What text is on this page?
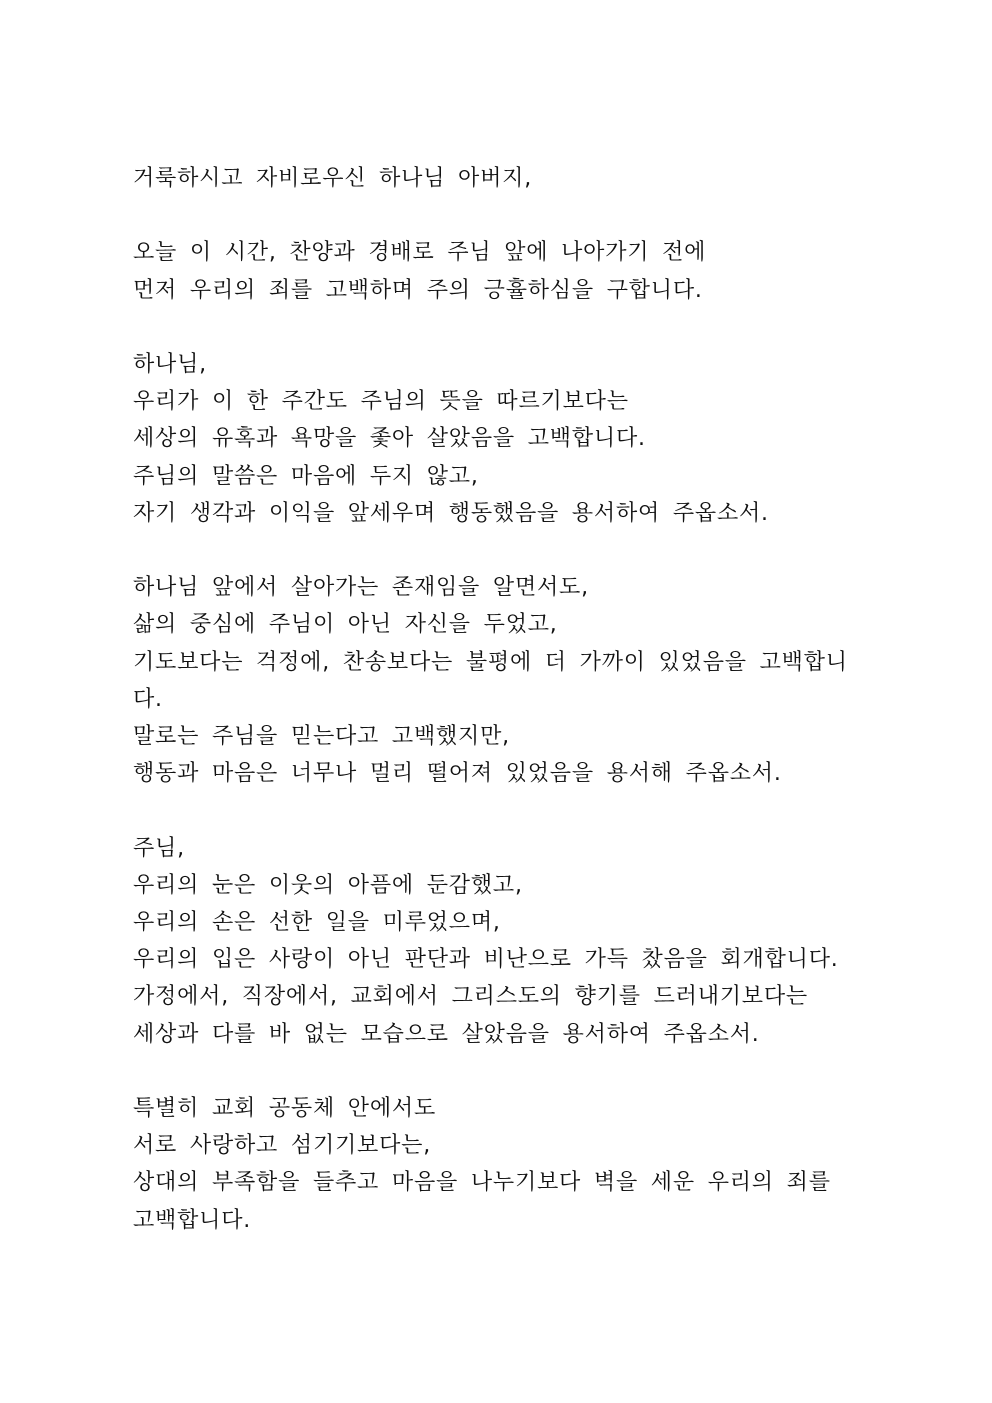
거룩하시고 자비로우신 하나님 아버지,
오늘 이 시간, 찬양과 경배로 주님 앞에 나아가기 전에
먼저 우리의 죄를 고백하며 주의 긍휼하심을 구합니다.
하나님,
우리가 이 한 주간도 주님의 뜻을 따르기보다는
세상의 유혹과 욕망을 좇아 살았음을 고백합니다.
주님의 말씀은 마음에 두지 않고,
자기 생각과 이익을 앞세우며 행동했음을 용서하여 주옵소서.
하나님 앞에서 살아가는 존재임을 알면서도,
삶의 중심에 주님이 아닌 자신을 두었고,
기도보다는 걱정에, 찬송보다는 불평에 더 가까이 있었음을 고백합니
다.
말로는 주님을 믿는다고 고백했지만,
행동과 마음은 너무나 멀리 떨어져 있었음을 용서해 주옵소서.
주님,
우리의 눈은 이웃의 아픔에 둔감했고,
우리의 손은 선한 일을 미루었으며,
우리의 입은 사랑이 아닌 판단과 비난으로 가득 찼음을 회개합니다.
가정에서, 직장에서, 교회에서 그리스도의 향기를 드러내기보다는
세상과 다를 바 없는 모습으로 살았음을 용서하여 주옵소서.
특별히 교회 공동체 안에서도
서로 사랑하고 섬기기보다는,
상대의 부족함을 들추고 마음을 나누기보다 벽을 세운 우리의 죄를
고백합니다.
